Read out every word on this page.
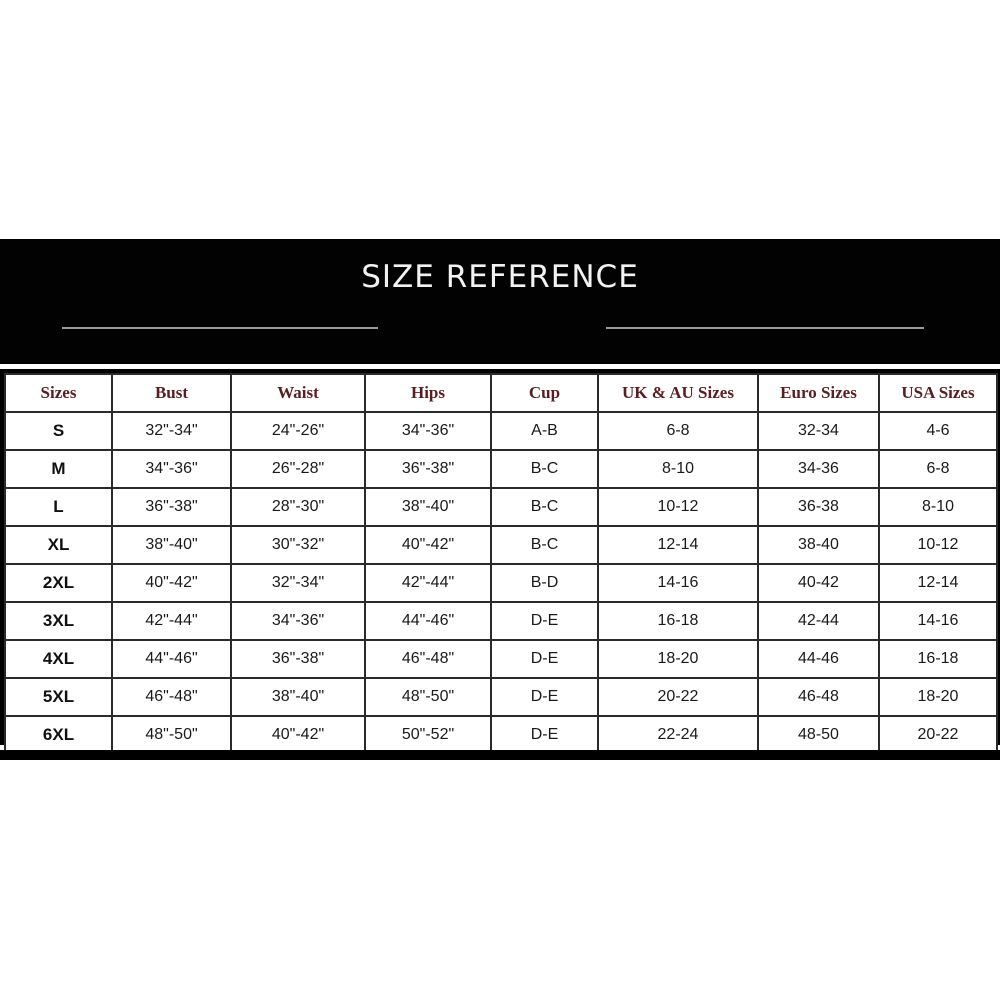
SIZE REFERENCE
Sizes	Bust	Waist	Hips	Cup	UK & AU Sizes	Euro Sizes	USA Sizes
S	32"-34"	24"-26"	34"-36"	A-B	6-8	32-34	4-6
M	34"-36"	26"-28"	36"-38"	B-C	8-10	34-36	6-8
L	36"-38"	28"-30"	38"-40"	B-C	10-12	36-38	8-10
XL	38"-40"	30"-32"	40"-42"	B-C	12-14	38-40	10-12
2XL	40"-42"	32"-34"	42"-44"	B-D	14-16	40-42	12-14
3XL	42"-44"	34"-36"	44"-46"	D-E	16-18	42-44	14-16
4XL	44"-46"	36"-38"	46"-48"	D-E	18-20	44-46	16-18
5XL	46"-48"	38"-40"	48"-50"	D-E	20-22	46-48	18-20
6XL	48"-50"	40"-42"	50"-52"	D-E	22-24	48-50	20-22
